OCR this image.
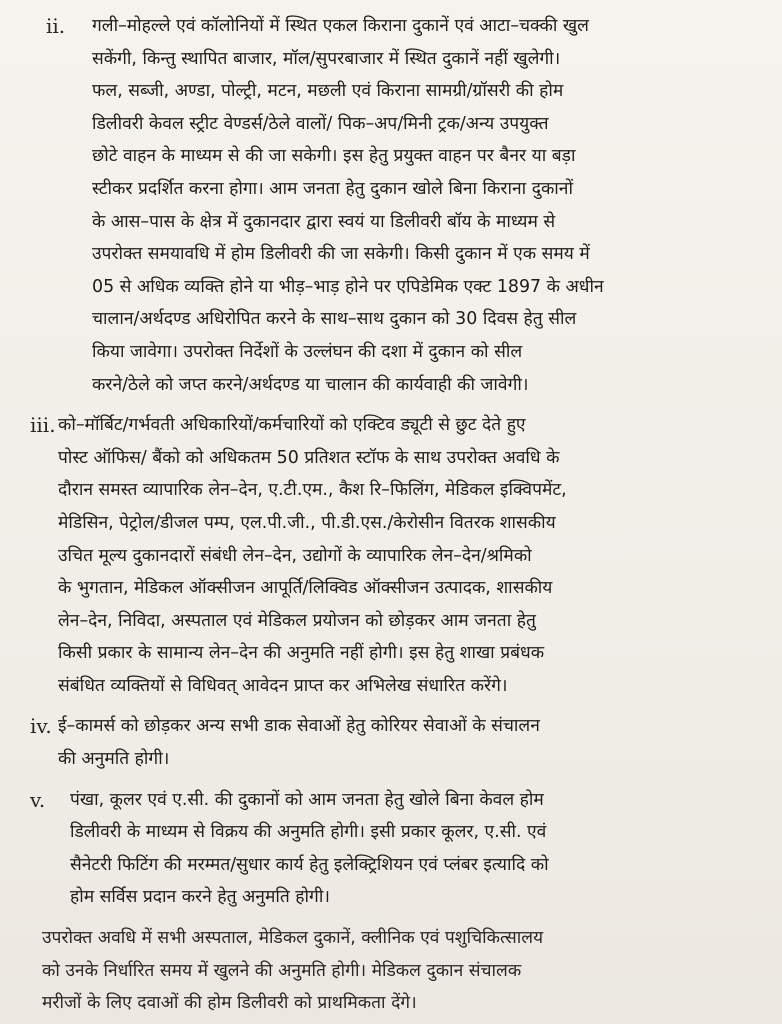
ii.	गली–मोहल्ले एवं कॉलोनियों में स्थित एकल किराना दुकानें एवं आटा–चक्की खुल
सकेंगी, किन्तु स्थापित बाजार, मॉल/सुपरबाजार में स्थित दुकानें नहीं खुलेगी।
फल, सब्जी, अण्डा, पोल्ट्री, मटन, मछली एवं किराना सामग्री/ग्रॉसरी की होम
डिलीवरी केवल स्ट्रीट वेण्डर्स/ठेले वालों/ पिक–अप/मिनी ट्रक/अन्य उपयुक्त
छोटे वाहन के माध्यम से की जा सकेगी। इस हेतु प्रयुक्त वाहन पर बैनर या बड़ा
स्टीकर प्रदर्शित करना होगा। आम जनता हेतु दुकान खोले बिना किराना दुकानों
के आस–पास के क्षेत्र में दुकानदार द्वारा स्वयं या डिलीवरी बॉय के माध्यम से
उपरोक्त समयावधि में होम डिलीवरी की जा सकेगी। किसी दुकान में एक समय में
05 से अधिक व्यक्ति होने या भीड़–भाड़ होने पर एपिडेमिक एक्ट 1897 के अधीन
चालान/अर्थदण्ड अधिरोपित करने के साथ–साथ दुकान को 30 दिवस हेतु सील
किया जावेगा। उपरोक्त निर्देशों के उल्लंघन की दशा में दुकान को सील
करने/ठेले को जप्त करने/अर्थदण्ड या चालान की कार्यवाही की जावेगी।
iii. को–मॉर्बिट/गर्भवती अधिकारियों/कर्मचारियों को एक्टिव ड्यूटी से छुट देते हुए
पोस्ट ऑफिस/ बैंको को अधिकतम 50 प्रतिशत स्टॉफ के साथ उपरोक्त अवधि के
दौरान समस्त व्यापारिक लेन–देन, ए.टी.एम., कैश रि–फिलिंग, मेडिकल इक्विपमेंट,
मेडिसिन, पेट्रोल/डीजल पम्प, एल.पी.जी., पी.डी.एस./केरोसीन वितरक शासकीय
उचित मूल्य दुकानदारों संबंधी लेन–देन, उद्योगों के व्यापारिक लेन–देन/श्रमिको
के भुगतान, मेडिकल ऑक्सीजन आपूर्ति/लिक्विड ऑक्सीजन उत्पादक, शासकीय
लेन–देन, निविदा, अस्पताल एवं मेडिकल प्रयोजन को छोड़कर आम जनता हेतु
किसी प्रकार के सामान्य लेन–देन की अनुमति नहीं होगी। इस हेतु शाखा प्रबंधक
संबंधित व्यक्तियों से विधिवत् आवेदन प्राप्त कर अभिलेख संधारित करेंगे।
iv. ई–कामर्स को छोड़कर अन्य सभी डाक सेवाओं हेतु कोरियर सेवाओं के संचालन
की अनुमति होगी।
v.	पंखा, कूलर एवं ए.सी. की दुकानों को आम जनता हेतु खोले बिना केवल होम
डिलीवरी के माध्यम से विक्रय की अनुमति होगी। इसी प्रकार कूलर, ए.सी. एवं
सैनेटरी फिटिंग की मरम्मत/सुधार कार्य हेतु इलेक्ट्रिशियन एवं प्लंबर इत्यादि को
होम सर्विस प्रदान करने हेतु अनुमति होगी।
उपरोक्त अवधि में सभी अस्पताल, मेडिकल दुकानें, क्लीनिक एवं पशुचिकित्सालय
को उनके निर्धारित समय में खुलने की अनुमति होगी। मेडिकल दुकान संचालक
मरीजों के लिए दवाओं की होम डिलीवरी को प्राथमिकता देंगे।
